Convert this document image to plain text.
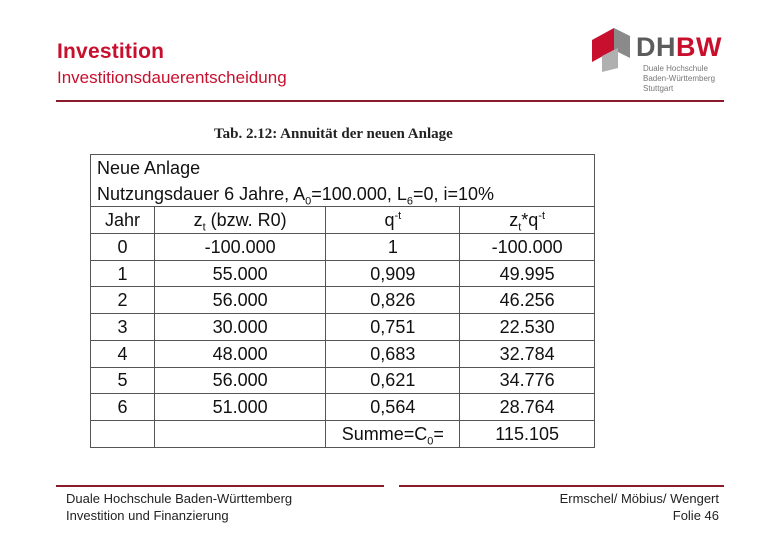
Investition
Investitionsdauerentscheidung
DHBW
Duale Hochschule
Baden-Württemberg
Stuttgart
Tab. 2.12: Annuität der neuen Anlage
Neue Anlage			
Nutzungsdauer 6 Jahre, $A_0=100.000$, $L_6=0$, i=10%			
Jahr	$z_t$ (bzw. R0)	$q^{-t}$	$z_t*q^{-t}$
0	-100.000	1	-100.000
1	55.000	0,909	49.995
2	56.000	0,826	46.256
3	30.000	0,751	22.530
4	48.000	0,683	32.784
5	56.000	0,621	34.776
6	51.000	0,564	28.764
		$Summe=C_0=$	115.105
Duale Hochschule Baden-Württemberg
Investition und Finanzierung
Ermschel/ Möbius/ Wengert
Folie 46
